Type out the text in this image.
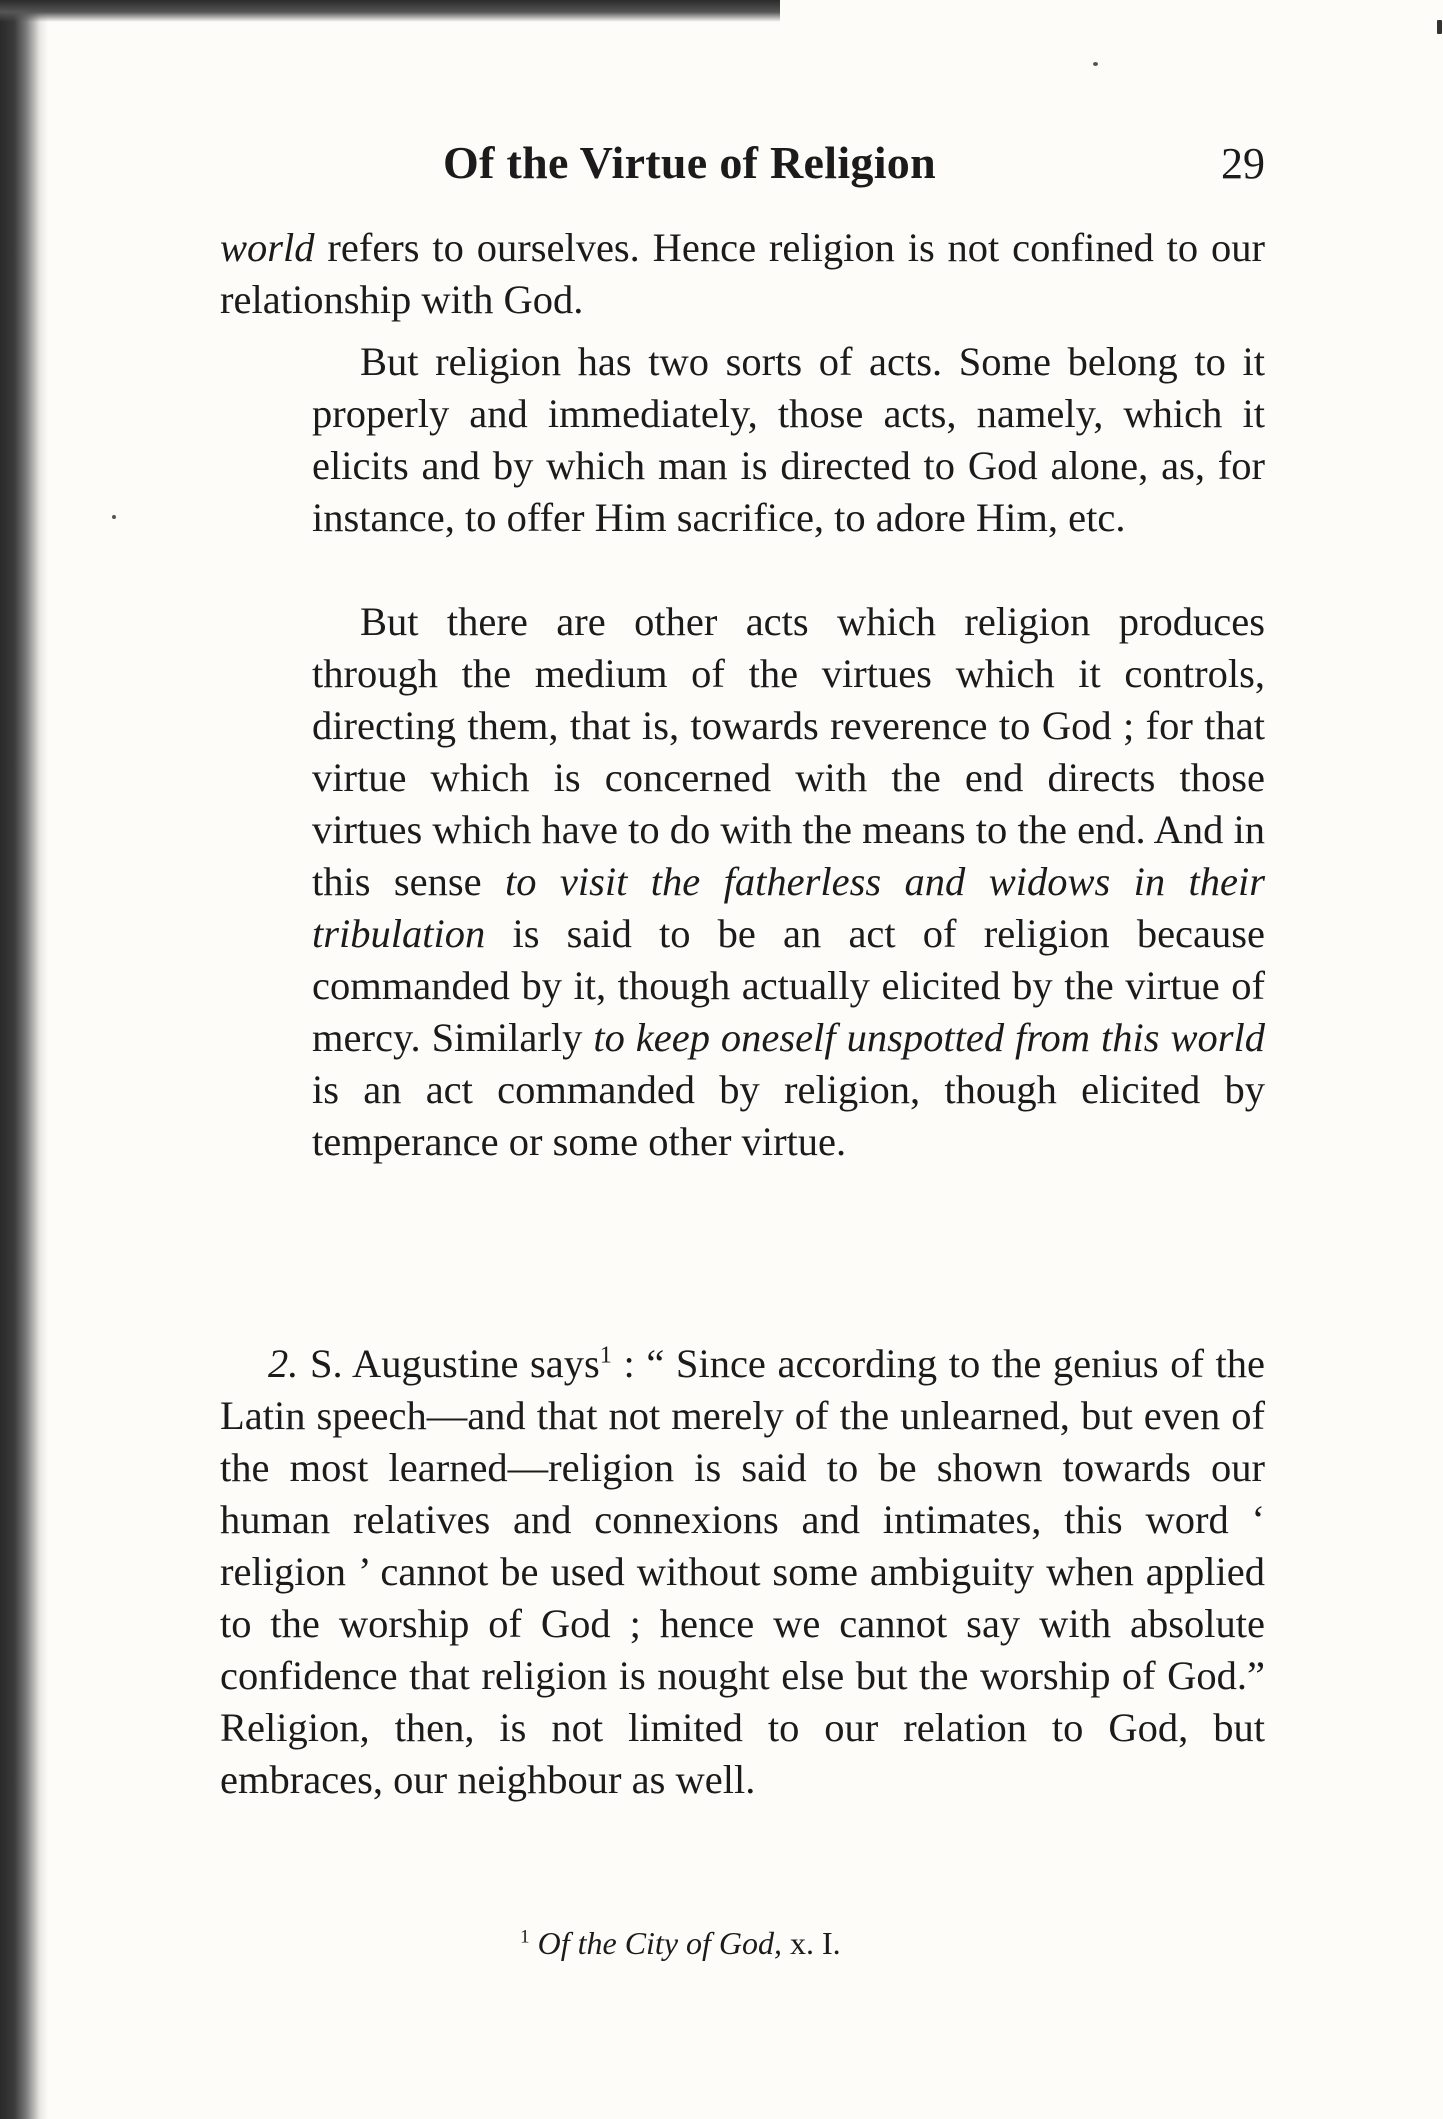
Of the Virtue of Religion	29

world refers to ourselves. Hence religion is not confined to our relationship with God.

But religion has two sorts of acts. Some belong to it properly and immediately, those acts, namely, which it elicits and by which man is directed to God alone, as, for instance, to offer Him sacrifice, to adore Him, etc.

But there are other acts which religion produces through the medium of the virtues which it controls, directing them, that is, towards reverence to God ; for that virtue which is concerned with the end directs those virtues which have to do with the means to the end. And in this sense to visit the fatherless and widows in their tribulation is said to be an act of religion because commanded by it, though actually elicited by the virtue of mercy. Similarly to keep oneself unspotted from this world is an act commanded by religion, though elicited by temperance or some other virtue.

2. S. Augustine says$^1$ : “ Since according to the genius of the Latin speech—and that not merely of the unlearned, but even of the most learned—religion is said to be shown towards our human relatives and connexions and intimates, this word ‘ religion ’ cannot be used without some ambiguity when applied to the worship of God ; hence we cannot say with absolute confidence that religion is nought else but the worship of God.” Religion, then, is not limited to our relation to God, but embraces, our neighbour as well.

$^1$ Of the City of God, x. I.
